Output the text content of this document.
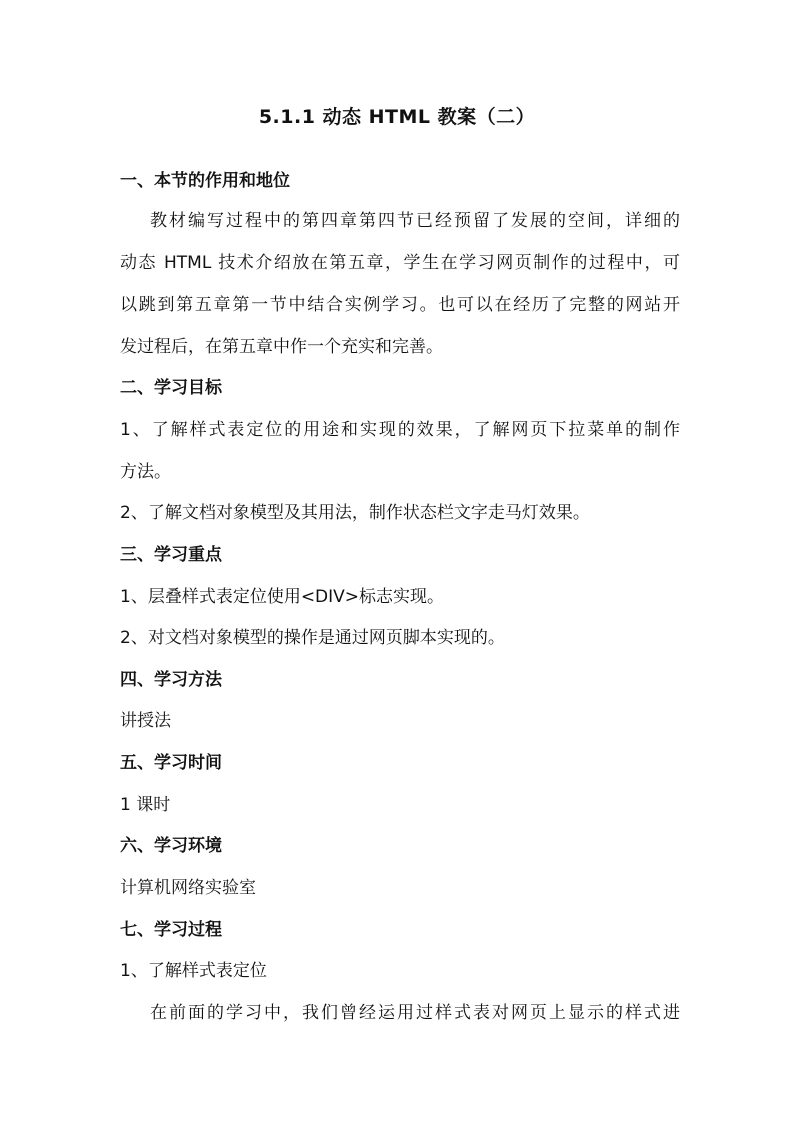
5.1.1 动态 HTML 教案（二）
一、本节的作用和地位
教材编写过程中的第四章第四节已经预留了发展的空间，详细的
动态 HTML 技术介绍放在第五章，学生在学习网页制作的过程中，可
以跳到第五章第一节中结合实例学习。也可以在经历了完整的网站开
发过程后，在第五章中作一个充实和完善。
二、学习目标
1、了解样式表定位的用途和实现的效果，了解网页下拉菜单的制作
方法。
2、了解文档对象模型及其用法，制作状态栏文字走马灯效果。
三、学习重点
1、层叠样式表定位使用<DIV>标志实现。
2、对文档对象模型的操作是通过网页脚本实现的。
四、学习方法
讲授法
五、学习时间
1 课时
六、学习环境
计算机网络实验室
七、学习过程
1、了解样式表定位
在前面的学习中，我们曾经运用过样式表对网页上显示的样式进
